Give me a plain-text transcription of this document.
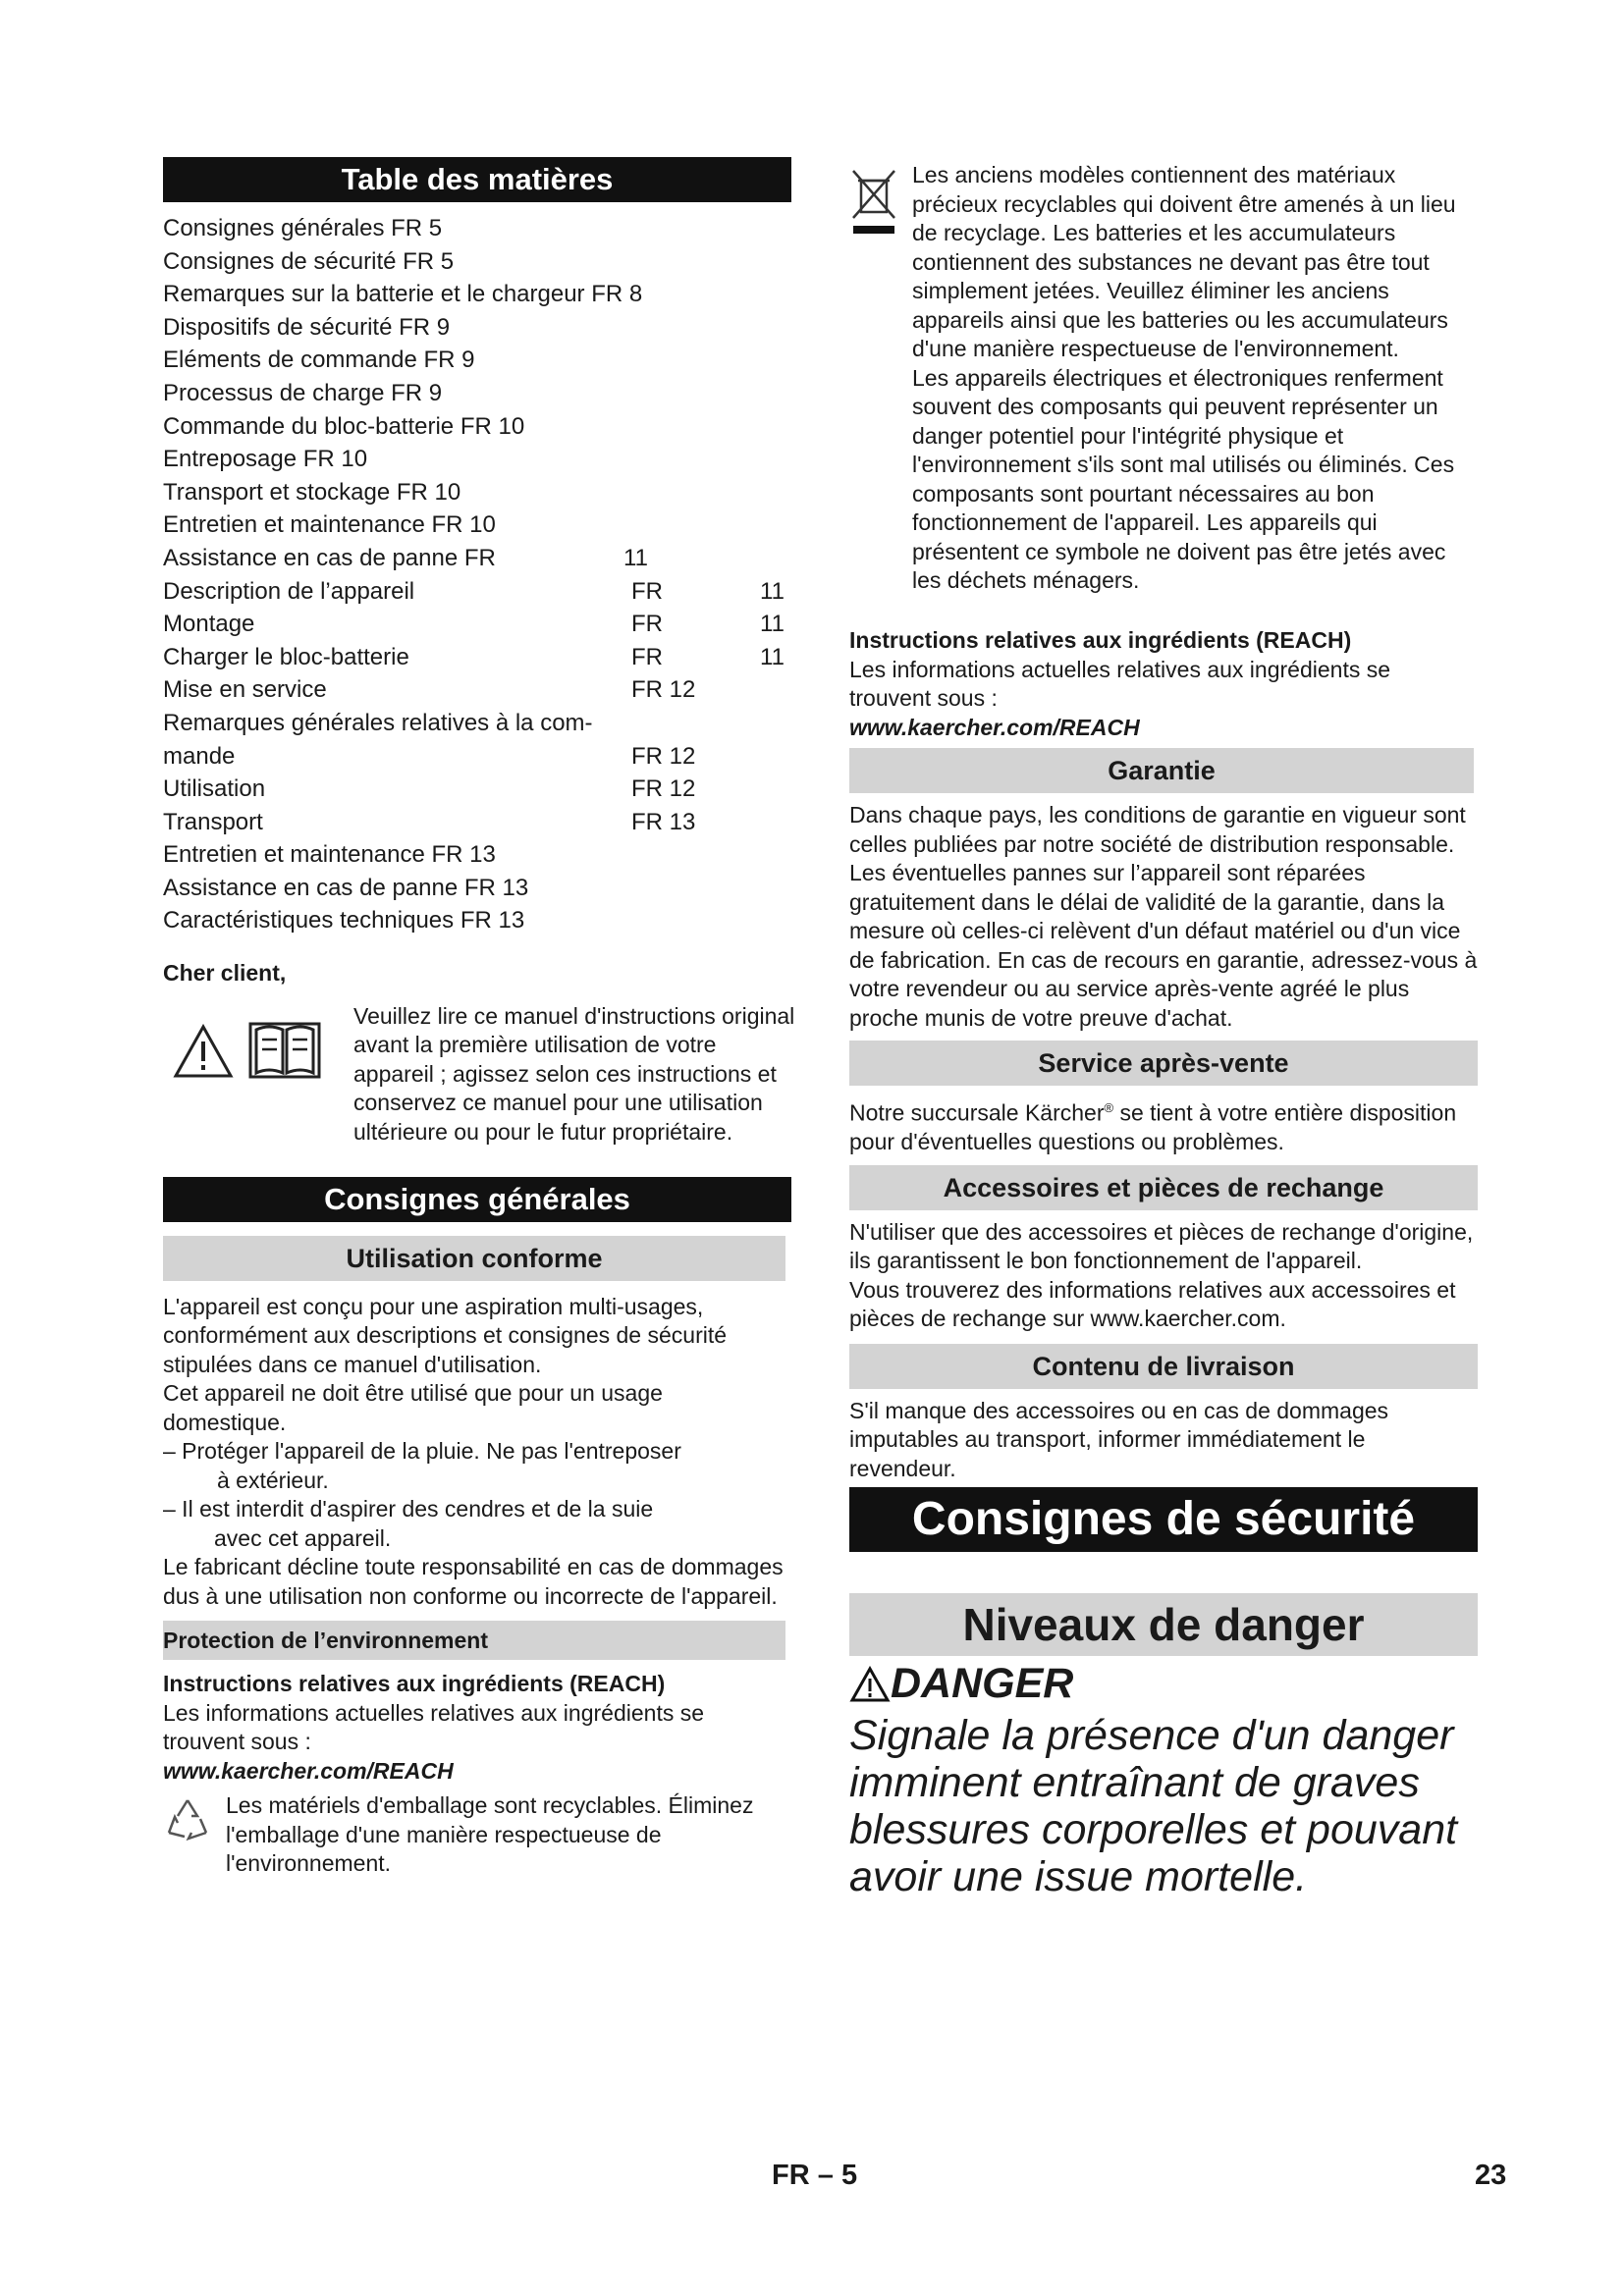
Table des matières
Consignes générales FR 5
Consignes de sécurité FR 5
Remarques sur la batterie et le chargeur FR 8
Dispositifs de sécurité FR 9
Eléments de commande FR 9
Processus de charge FR 9
Commande du bloc-batterie FR 10
Entreposage FR 10
Transport et stockage FR 10
Entretien et maintenance FR 10
Assistance en cas de panne FR	11
Description de l’appareil	FR	11
Montage	FR	11
Charger le bloc-batterie	FR	11
Mise en service	FR 12
Remarques générales relatives à la com-
mande	FR 12
Utilisation	FR 12
Transport	FR 13
Entretien et maintenance FR 13
Assistance en cas de panne FR 13
Caractéristiques techniques FR 13
Cher client,
Veuillez lire ce manuel d'instructions original avant la première utilisation de votre appareil ; agissez selon ces instructions et conservez ce manuel pour une utilisation ultérieure ou pour le futur propriétaire.
Consignes générales
Utilisation conforme

L'appareil est conçu pour une aspiration multi-usages, conformément aux descriptions et consignes de sécurité stipulées dans ce manuel d'utilisation.

Cet appareil ne doit être utilisé que pour un usage domestique.

– Protéger l'appareil de la pluie. Ne pas l'entreposer
à extérieur.
– Il est interdit d'aspirer des cendres et de la suie
avec cet appareil.

Le fabricant décline toute responsabilité en cas de dommages dus à une utilisation non conforme ou incorrecte de l'appareil.

Protection de l’environnement
Instructions relatives aux ingrédients (REACH)

Les informations actuelles relatives aux ingrédients se trouvent sous :

www.kaercher.com/REACH
Les matériels d'emballage sont recyclables. Éliminez l'emballage d'une manière respectueuse de l'environnement.

Les anciens modèles contiennent des matériaux précieux recyclables qui doivent être amenés à un lieu de recyclage. Les batteries et les accumulateurs contiennent des substances ne devant pas être tout simplement jetées. Veuillez éliminer les anciens appareils ainsi que les batteries ou les accumulateurs d'une manière respectueuse de l'environnement.

Les appareils électriques et électroniques renferment souvent des composants qui peuvent représenter un danger potentiel pour l'intégrité physique et l'environnement s'ils sont mal utilisés ou éliminés. Ces composants sont pourtant nécessaires au bon fonctionnement de l'appareil. Les appareils qui présentent ce symbole ne doivent pas être jetés avec les déchets ménagers.

Instructions relatives aux ingrédients (REACH)

Les informations actuelles relatives aux ingrédients se trouvent sous :

www.kaercher.com/REACH
Garantie

Dans chaque pays, les conditions de garantie en vigueur sont celles publiées par notre société de distribution responsable. Les éventuelles pannes sur l’appareil sont réparées gratuitement dans le délai de validité de la garantie, dans la mesure où celles-ci relèvent d'un défaut matériel ou d'un vice de fabrication. En cas de recours en garantie, adressez-vous à votre revendeur ou au service après-vente agréé le plus proche munis de votre preuve d'achat.

Service après-vente

Notre succursale Kärcher® se tient à votre entière disposition pour d'éventuelles questions ou problèmes.

Accessoires et pièces de rechange

N'utiliser que des accessoires et pièces de rechange d'origine, ils garantissent le bon fonctionnement de l'appareil.

Vous trouverez des informations relatives aux accessoires et pièces de rechange sur www.kaercher.com.

Contenu de livraison

S'il manque des accessoires ou en cas de dommages imputables au transport, informer immédiatement le revendeur.

Consignes de sécurité
Niveaux de danger
DANGER
Signale la présence d'un danger imminent entraînant de graves blessures corporelles et pouvant avoir une issue mortelle.
FR – 5	23
